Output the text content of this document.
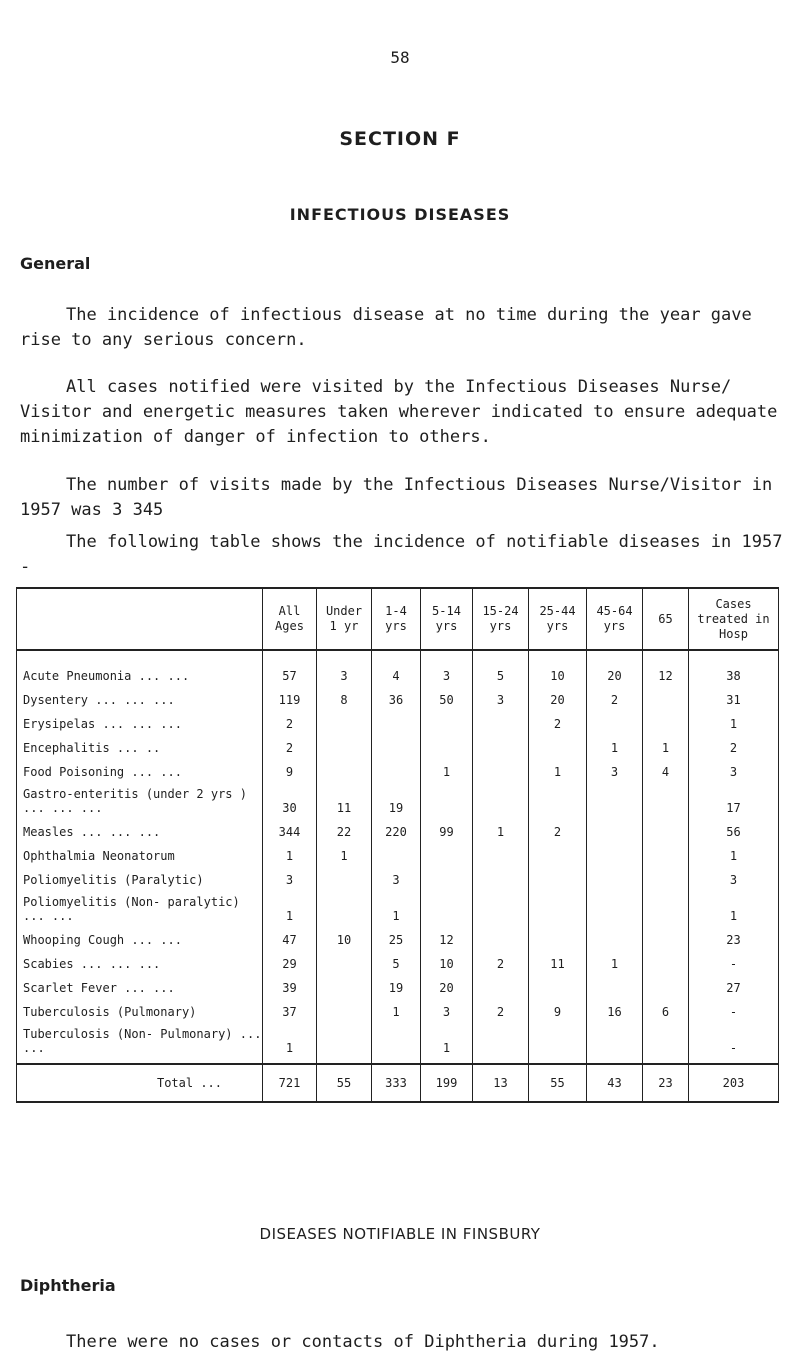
58
SECTION F
INFECTIOUS DISEASES
General
The incidence of infectious disease at no time during the year gave rise to any serious concern.
All cases notified were visited by the Infectious Diseases Nurse/ Visitor and energetic measures taken wherever indicated to ensure adequate minimization of danger of infection to others.
The number of visits made by the Infectious Diseases Nurse/Visitor in 1957 was 3 345
The following table shows the incidence of notifiable diseases in 1957 -
	All Ages	Under 1 yr	1-4 yrs	5-14 yrs	15-24 yrs	25-44 yrs	45-64 yrs	65	Cases treated in Hosp
Acute Pneumonia ... ...	57	3	4	3	5	10	20	12	38
Dysentery ... ... ...	119	8	36	50	3	20	2		31
Erysipelas ... ... ...	2					2			1
Encephalitis ... ..	2						1	1	2
Food Poisoning ... ...	9			1		1	3	4	3
Gastro-enteritis (under 2 yrs ) ... ... ...	30	11	19						17
Measles ... ... ...	344	22	220	99	1	2			56
Ophthalmia Neonatorum	1	1							1
Poliomyelitis (Paralytic)	3		3						3
Poliomyelitis (Non- paralytic) ... ...	1		1						1
Whooping Cough ... ...	47	10	25	12					23
Scabies ... ... ...	29		5	10	2	11	1		-
Scarlet Fever ... ...	39		19	20					27
Tuberculosis (Pulmonary)	37		1	3	2	9	16	6	-
Tuberculosis (Non- Pulmonary) ... ...	1			1					-
Total ...	721	55	333	199	13	55	43	23	203
DISEASES NOTIFIABLE IN FINSBURY
Diphtheria
There were no cases or contacts of Diphtheria during 1957.
